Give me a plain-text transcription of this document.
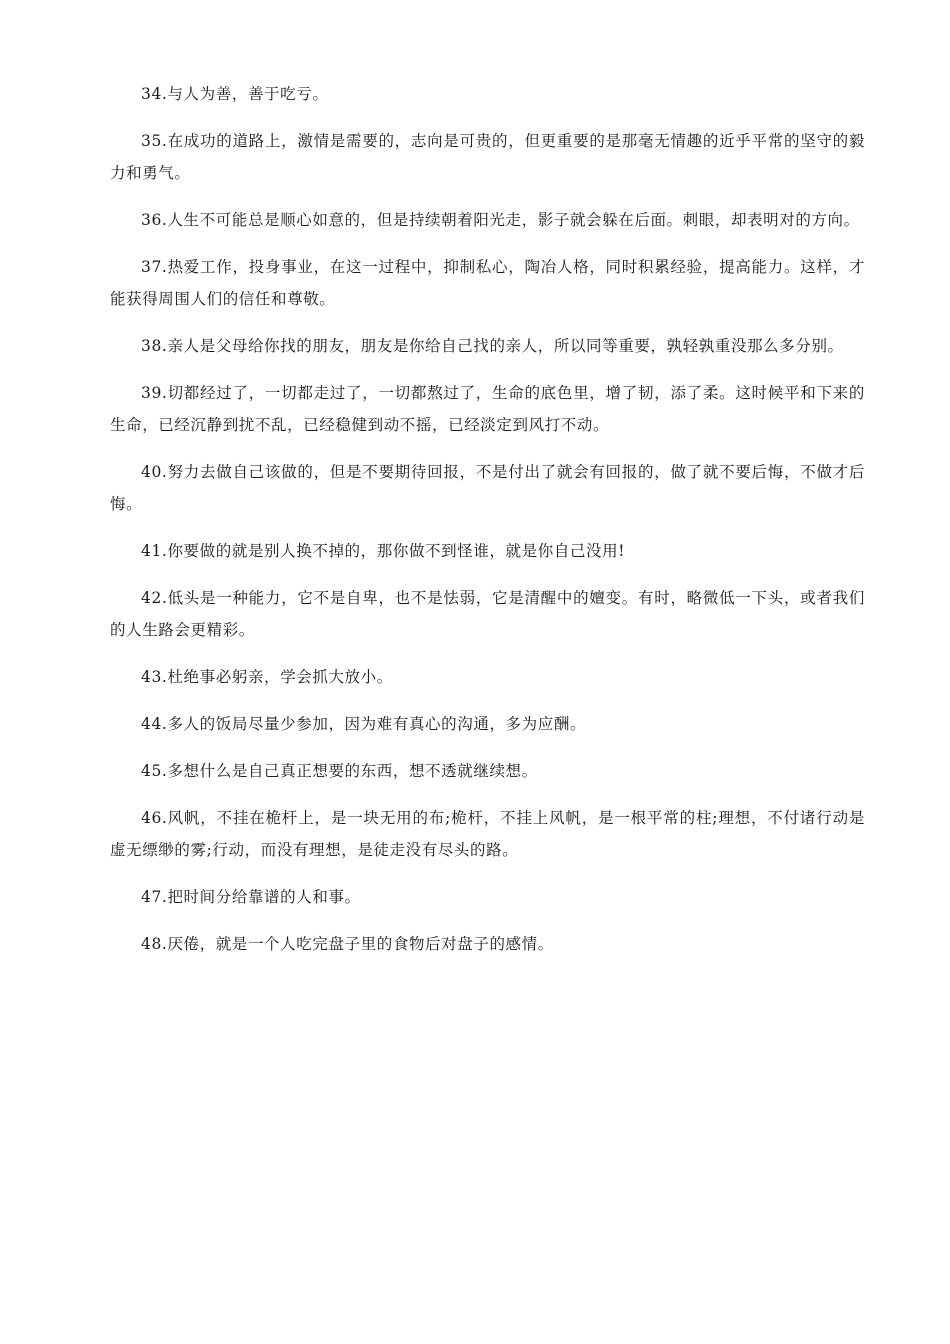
34.与人为善，善于吃亏。

35.在成功的道路上，激情是需要的，志向是可贵的，但更重要的是那毫无情趣的近乎平常的坚守的毅力和勇气。

36.人生不可能总是顺心如意的，但是持续朝着阳光走，影子就会躲在后面。刺眼，却表明对的方向。

37.热爱工作，投身事业，在这一过程中，抑制私心，陶冶人格，同时积累经验，提高能力。这样，才能获得周围人们的信任和尊敬。

38.亲人是父母给你找的朋友，朋友是你给自己找的亲人，所以同等重要，孰轻孰重没那么多分别。

39.切都经过了，一切都走过了，一切都熬过了，生命的底色里，增了韧，添了柔。这时候平和下来的生命，已经沉静到扰不乱，已经稳健到动不摇，已经淡定到风打不动。

40.努力去做自己该做的，但是不要期待回报，不是付出了就会有回报的，做了就不要后悔，不做才后悔。

41.你要做的就是别人换不掉的，那你做不到怪谁，就是你自己没用!

42.低头是一种能力，它不是自卑，也不是怯弱，它是清醒中的嬗变。有时，略微低一下头，或者我们的人生路会更精彩。

43.杜绝事必躬亲，学会抓大放小。

44.多人的饭局尽量少参加，因为难有真心的沟通，多为应酬。

45.多想什么是自己真正想要的东西，想不透就继续想。

46.风帆，不挂在桅杆上，是一块无用的布;桅杆，不挂上风帆，是一根平常的柱;理想，不付诸行动是虚无缥缈的雾;行动，而没有理想，是徒走没有尽头的路。

47.把时间分给靠谱的人和事。

48.厌倦，就是一个人吃完盘子里的食物后对盘子的感情。
